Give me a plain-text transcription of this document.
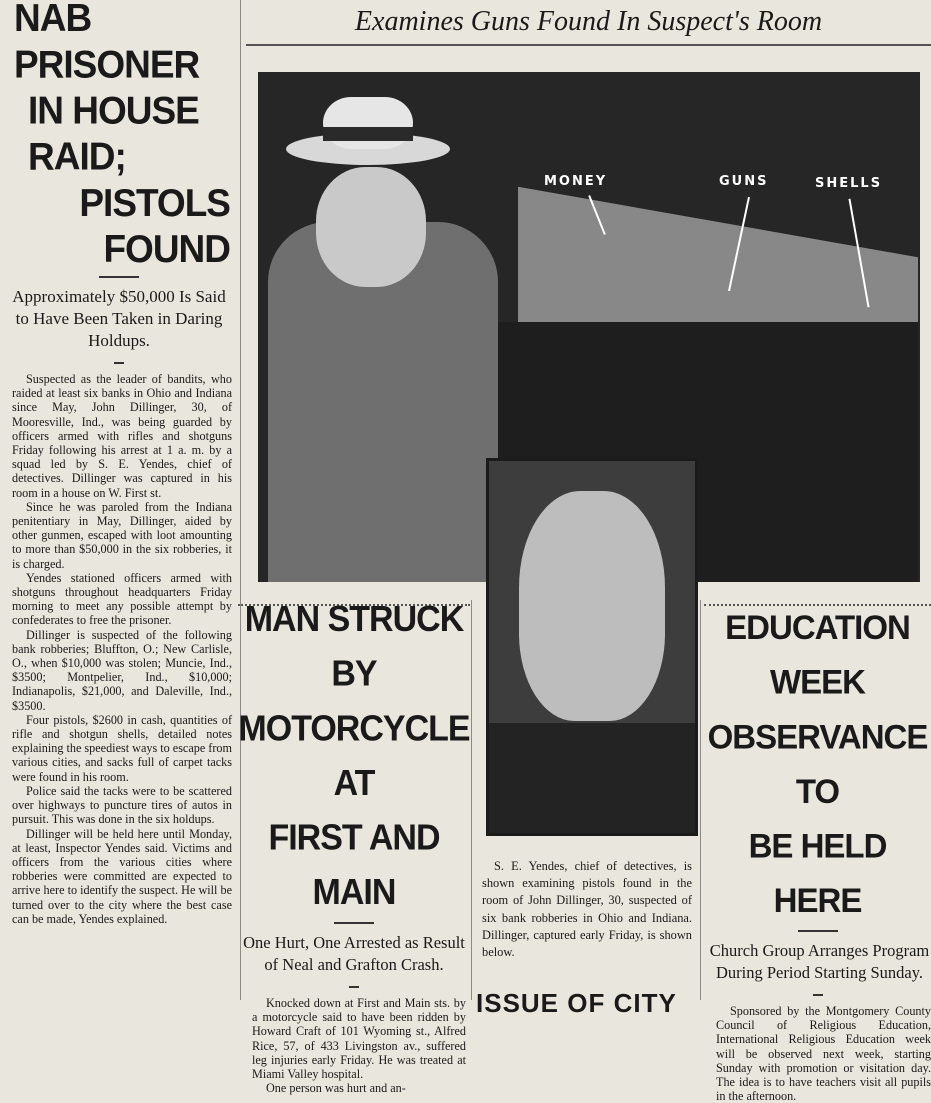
NAB PRISONER
IN HOUSE RAID;
PISTOLS FOUND
Approximately $50,000 Is Said to Have Been Taken in Daring Holdups.

Suspected as the leader of bandits, who raided at least six banks in Ohio and Indiana since May, John Dillinger, 30, of Mooresville, Ind., was being guarded by officers armed with rifles and shotguns Friday following his arrest at 1 a. m. by a squad led by S. E. Yendes, chief of detectives. Dillinger was captured in his room in a house on W. First st.

Since he was paroled from the Indiana penitentiary in May, Dillinger, aided by other gunmen, escaped with loot amounting to more than $50,000 in the six robberies, it is charged.

Yendes stationed officers armed with shotguns throughout headquarters Friday morning to meet any possible attempt by confederates to free the prisoner.

Dillinger is suspected of the following bank robberies; Bluffton, O.; New Carlisle, O., when $10,000 was stolen; Muncie, Ind., $3500; Montpelier, Ind., $10,000; Indianapolis, $21,000, and Daleville, Ind., $3500.

Four pistols, $2600 in cash, quantities of rifle and shotgun shells, detailed notes explaining the speediest ways to escape from various cities, and sacks full of carpet tacks were found in his room.

Police said the tacks were to be scattered over highways to puncture tires of autos in pursuit. This was done in the six holdups.

Dillinger will be held here until Monday, at least, Inspector Yendes said. Victims and officers from the various cities where robberies were committed are expected to arrive here to identify the suspect. He will be turned over to the city where the best case can be made, Yendes explained.

Examines Guns Found In Suspect's Room
MONEY	GUNS	SHELLS
MAN STRUCK BY
MOTORCYCLE AT
FIRST AND MAIN
One Hurt, One Arrested as Result of Neal and Grafton Crash.

Knocked down at First and Main sts. by a motorcycle said to have been ridden by Howard Craft of 101 Wyoming st., Alfred Rice, 57, of 433 Livingston av., suffered leg injuries early Friday. He was treated at Miami Valley hospital.

One person was hurt and an-

S. E. Yendes, chief of detectives, is shown examining pistols found in the room of John Dillinger, 30, suspected of six bank robberies in Ohio and Indiana. Dillinger, captured early Friday, is shown below.

ISSUE OF CITY
EDUCATION WEEK
OBSERVANCE TO
BE HELD HERE
Church Group Arranges Program During Period Starting Sunday.

Sponsored by the Montgomery County Council of Religious Education, International Religious Education week will be observed next week, starting Sunday with promotion or visitation day. The idea is to have teachers visit all pupils in the afternoon.
